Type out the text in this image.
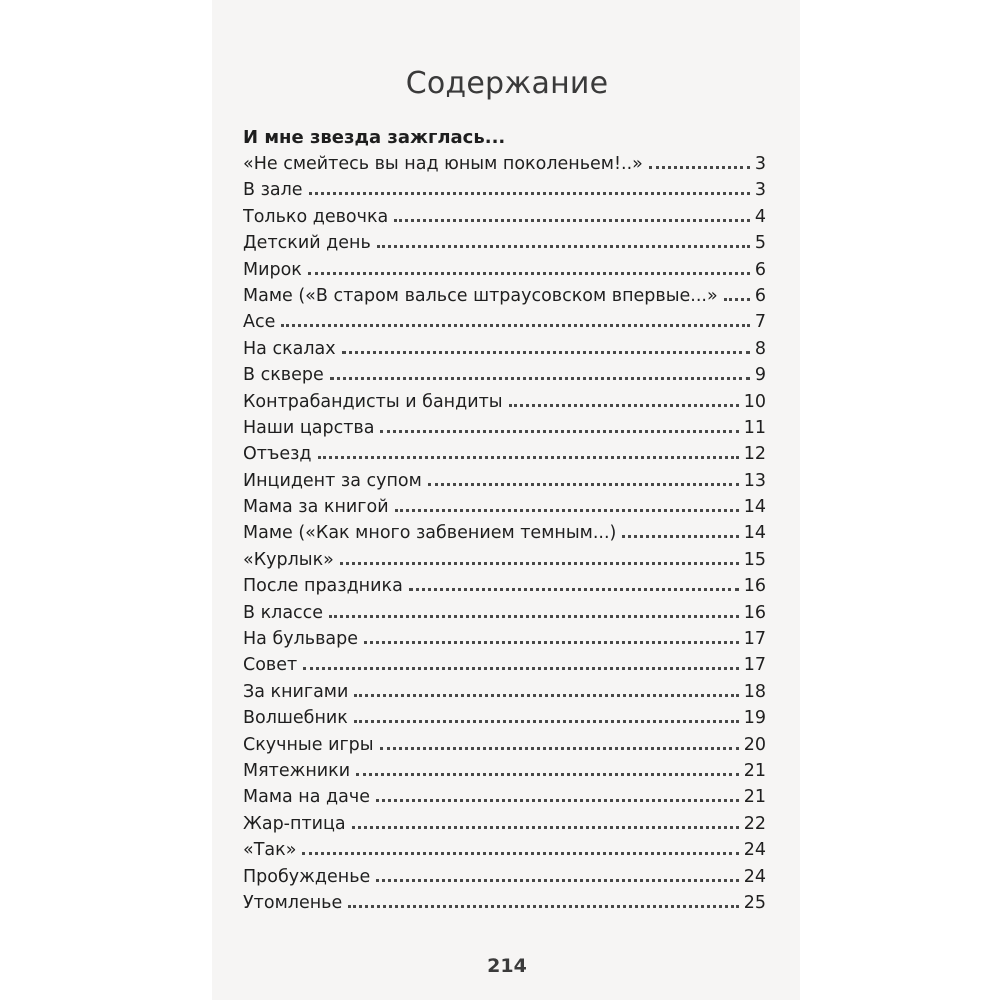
Содержание
И мне звезда зажглась...
«Не смейтесь вы над юным поколеньем!..»	3
В зале	3
Только девочка	4
Детский день	5
Мирок	6
Маме («В старом вальсе штраусовском впервые...»	6
Асе	7
На скалах	8
В сквере	9
Контрабандисты и бандиты	10
Наши царства	11
Отъезд	12
Инцидент за супом	13
Мама за книгой	14
Маме («Как много забвением темным...)	14
«Курлык»	15
После праздника	16
В классе	16
На бульваре	17
Совет	17
За книгами	18
Волшебник	19
Скучные игры	20
Мятежники	21
Мама на даче	21
Жар-птица	22
«Так»	24
Пробужденье	24
Утомленье	25
214
